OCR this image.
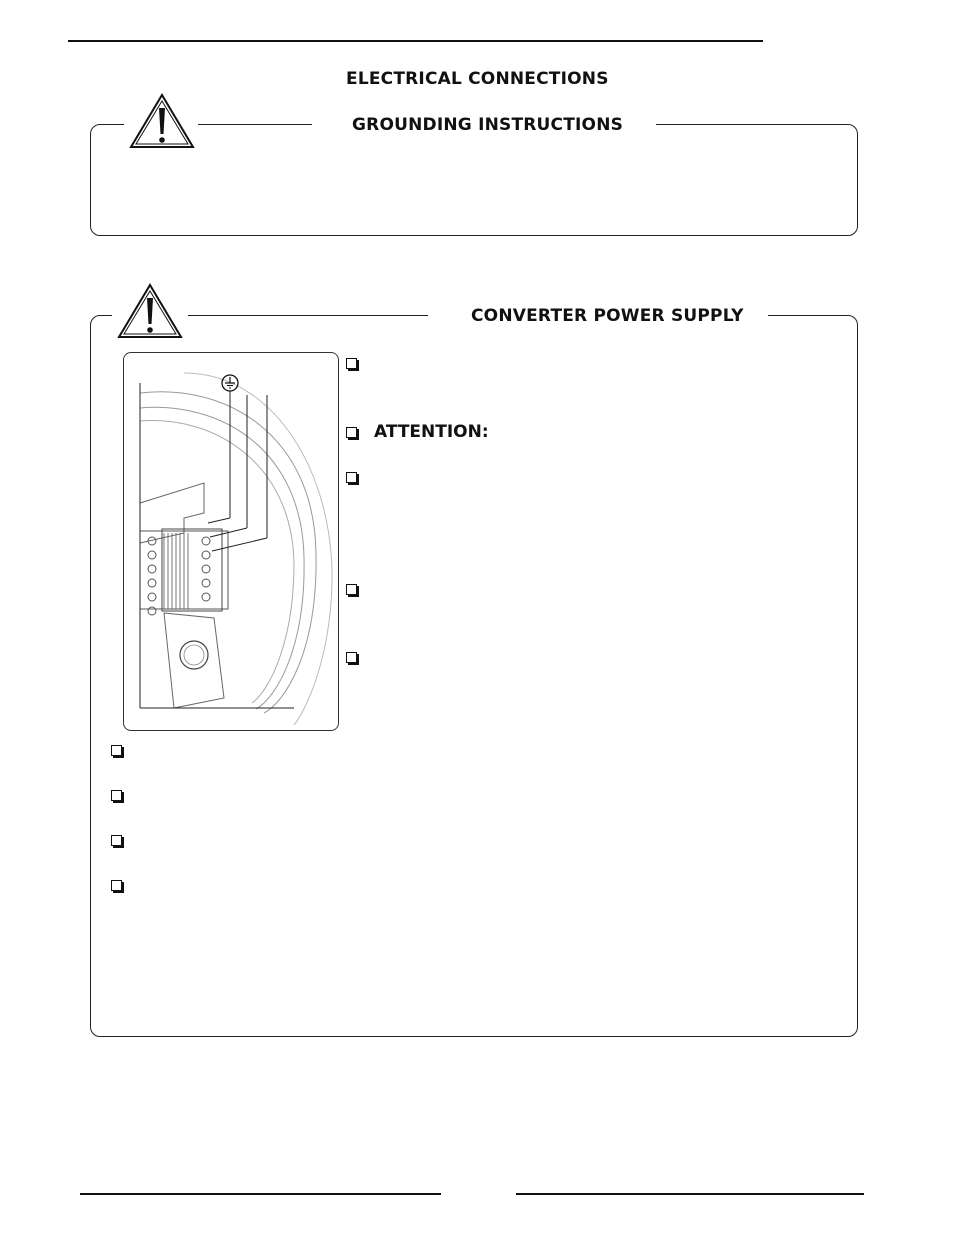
ELECTRICAL CONNECTIONS
GROUNDING INSTRUCTIONS
CONVERTER POWER SUPPLY
ATTENTION:
